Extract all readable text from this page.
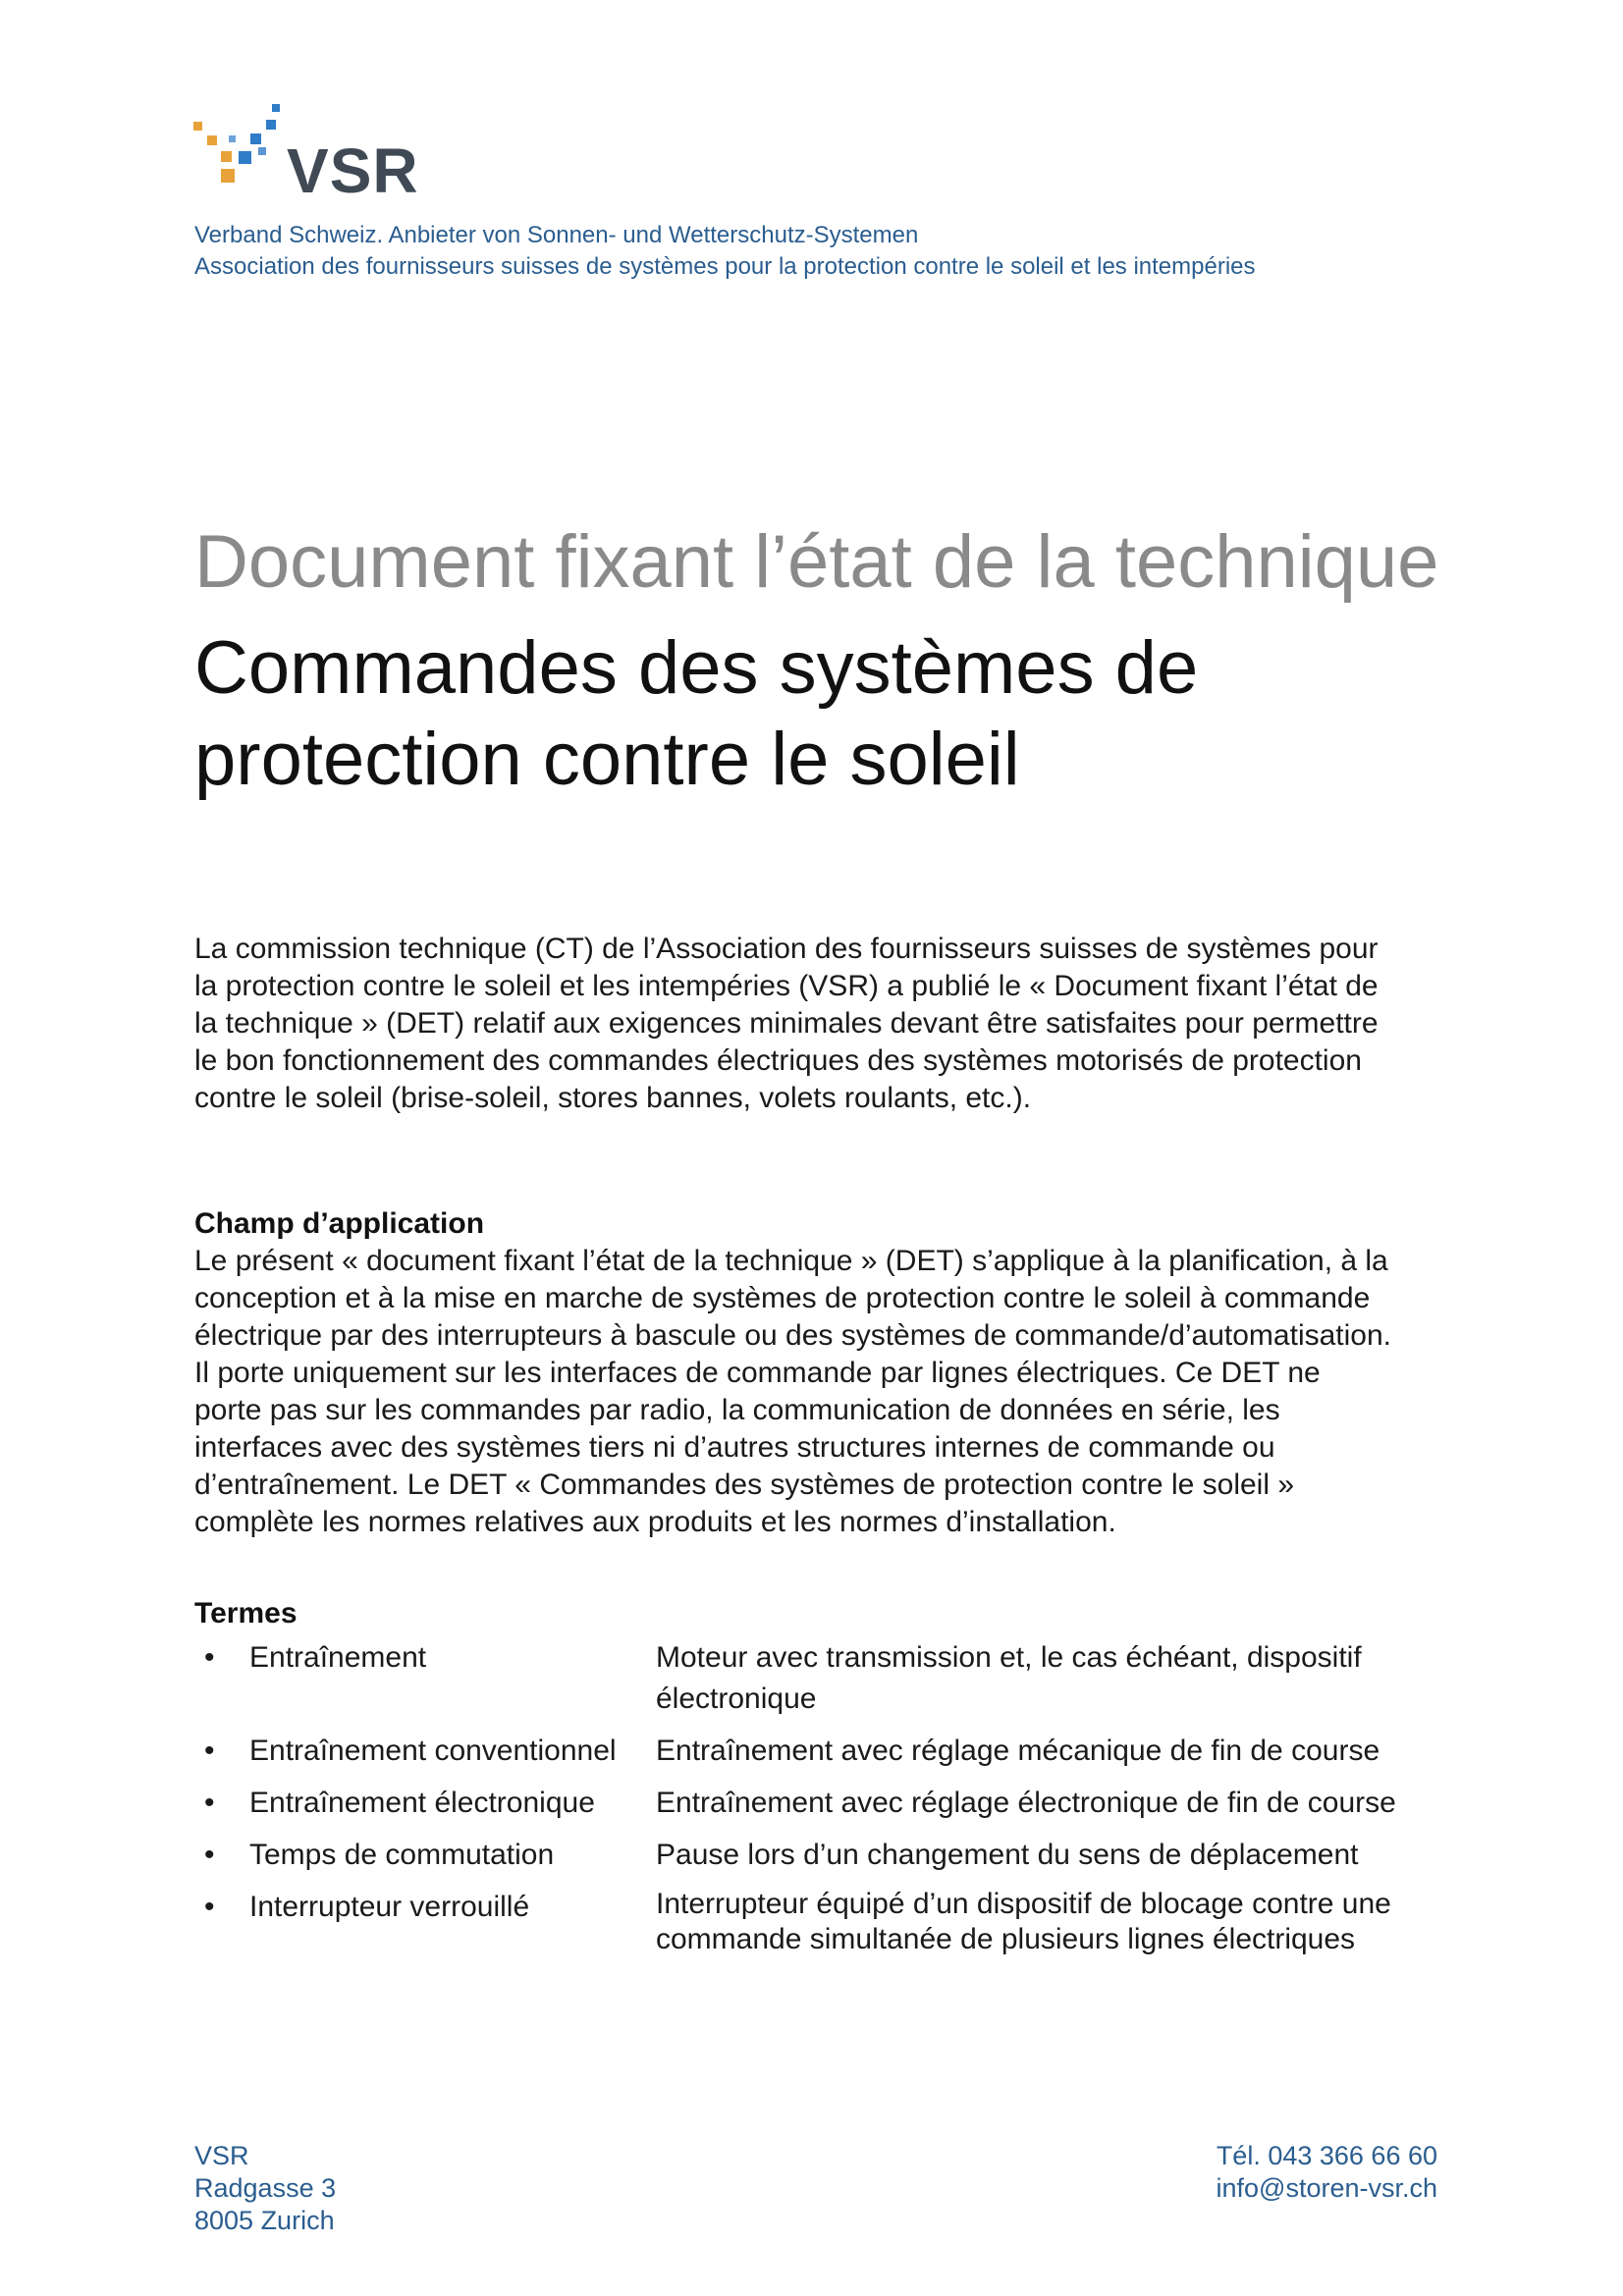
VSR
Verband Schweiz. Anbieter von Sonnen- und Wetterschutz-Systemen
Association des fournisseurs suisses de systèmes pour la protection contre le soleil et les intempéries
Document fixant l’état de la technique
Commandes des systèmes de
protection contre le soleil
La commission technique (CT) de l’Association des fournisseurs suisses de systèmes pour
la protection contre le soleil et les intempéries (VSR) a publié le « Document fixant l’état de
la technique » (DET) relatif aux exigences minimales devant être satisfaites pour permettre
le bon fonctionnement des commandes électriques des systèmes motorisés de protection
contre le soleil (brise-soleil, stores bannes, volets roulants, etc.).
Champ d’application
Le présent « document fixant l’état de la technique » (DET) s’applique à la planification, à la
conception et à la mise en marche de systèmes de protection contre le soleil à commande
électrique par des interrupteurs à bascule ou des systèmes de commande/d’automatisation.
Il porte uniquement sur les interfaces de commande par lignes électriques. Ce DET ne
porte pas sur les commandes par radio, la communication de données en série, les
interfaces avec des systèmes tiers ni d’autres structures internes de commande ou
d’entraînement. Le DET « Commandes des systèmes de protection contre le soleil »
complète les normes relatives aux produits et les normes d’installation.
Termes
•	Entraînement	Moteur avec transmission et, le cas échéant, dispositif
électronique
•	Entraînement conventionnel	Entraînement avec réglage mécanique de fin de course
•	Entraînement électronique	Entraînement avec réglage électronique de fin de course
•	Temps de commutation	Pause lors d’un changement du sens de déplacement
•	Interrupteur verrouillé	Interrupteur équipé d’un dispositif de blocage contre une
commande simultanée de plusieurs lignes électriques
VSR
Radgasse 3
8005 Zurich
Tél. 043 366 66 60
info@storen-vsr.ch
